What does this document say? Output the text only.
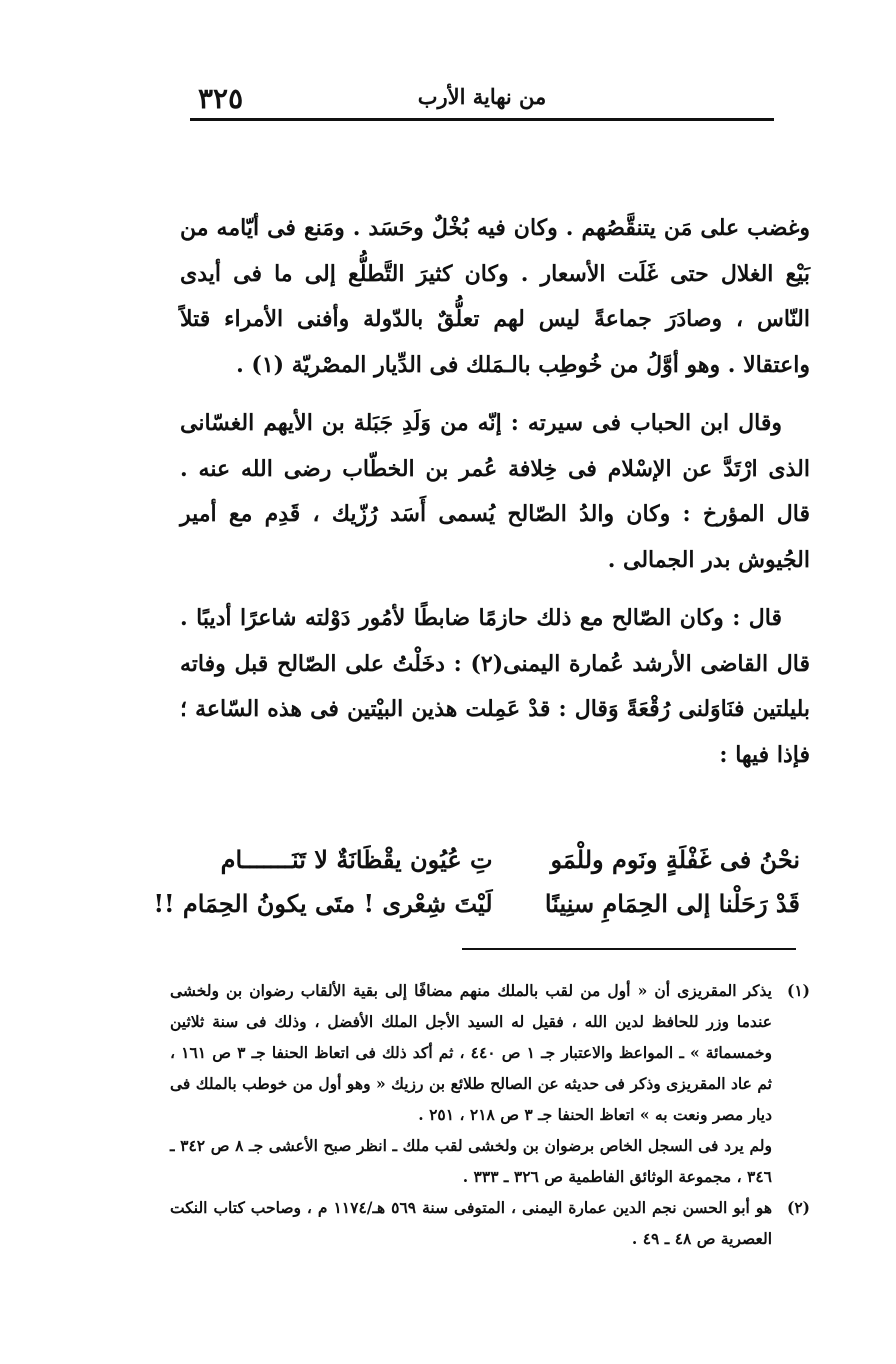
من نهاية الأرب
٣٢٥

وغضب على مَن يتنقَّصُهم . وكان فيه بُخْلٌ وحَسَد . ومَنع فى أيّامه من بَيْع الغلال حتى غَلَت الأسعار . وكان كثيرَ التَّطلُّع إلى ما فى أيدى النّاس ، وصادَرَ جماعةً ليس لهم تعلُّقٌ بالدّولة وأفنى الأمراء قتلاً واعتقالا . وهو أوَّلُ من خُوطِب بالـمَلك فى الدِّيار المصْريّة (١) .

وقال ابن الحباب فى سيرته : إنّه من وَلَدِ جَبَلة بن الأيهم الغسّانى الذى ارْتَدَّ عن الإسْلام فى خِلافة عُمر بن الخطّاب رضى الله عنه . قال المؤرخ : وكان والدُ الصّالح يُسمى أَسَد رُزّيك ، قَدِم مع أمير الجُيوش بدر الجمالى .

قال : وكان الصّالح مع ذلك حازمًا ضابطًا لأمُور دَوْلته شاعرًا أديبًا . قال القاضى الأرشد عُمارة اليمنى(٢) : دخَلْتُ على الصّالح قبل وفاته بليلتين فنَاوَلنى رُقْعَةً وَقال : قدْ عَمِلت هذين البيْتين فى هذه السّاعة ؛ فإذا فيها :

نحْنُ فى غَفْلَةٍ ونَوم وللْمَو
تِ عُيُون يقْظَانَةٌ لا تَنَـــــــام
قَدْ رَحَلْنا إلى الحِمَامِ سنِينًا
لَيْتَ شِعْرى ! متَى يكونُ الحِمَام !!
(١)
يذكر المقريزى أن « أول من لقب بالملك منهم مضافًا إلى بقية الألقاب رضوان بن ولخشى عندما وزر للحافظ لدين الله ، فقيل له السيد الأجل الملك الأفضل ، وذلك فى سنة ثلاثين وخمسمائة » ـ المواعظ والاعتبار جـ ١ ص ٤٤٠ ، ثم أكد ذلك فى اتعاظ الحنفا جـ ٣ ص ١٦١ ، ثم عاد المقريزى وذكر فى حديثه عن الصالح طلائع بن رزيك « وهو أول من خوطب بالملك فى ديار مصر ونعت به » اتعاظ الحنفا جـ ٣ ص ٢١٨ ، ٢٥١ .
ولم يرد فى السجل الخاص برضوان بن ولخشى لقب ملك ـ انظر صبح الأعشى جـ ٨ ص ٣٤٢ ـ ٣٤٦ ، مجموعة الوثائق الفاطمية ص ٣٢٦ ـ ٣٣٣ .
(٢)
هو أبو الحسن نجم الدين عمارة اليمنى ، المتوفى سنة ٥٦٩ هـ/١١٧٤ م ، وصاحب كتاب النكت العصرية ص ٤٨ ـ ٤٩ .
